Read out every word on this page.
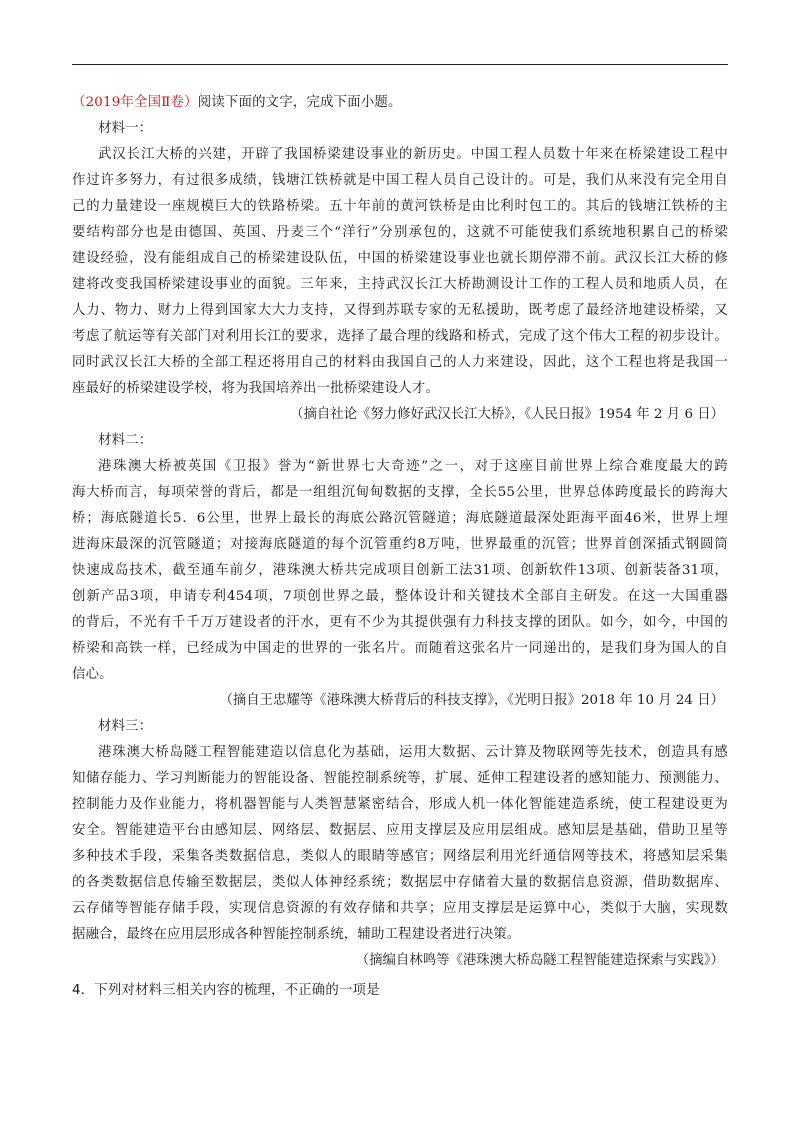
（2019年全国Ⅱ卷）阅读下面的文字，完成下面小题。
材料一：
武汉长江大桥的兴建，开辟了我国桥梁建设事业的新历史。中国工程人员数十年来在桥梁建设工程中
作过许多努力，有过很多成绩，钱塘江铁桥就是中国工程人员自己设计的。可是，我们从来没有完全用自
己的力量建设一座规模巨大的铁路桥梁。五十年前的黄河铁桥是由比利时包工的。其后的钱塘江铁桥的主
要结构部分也是由德国、英国、丹麦三个“洋行”分别承包的，这就不可能使我们系统地积累自己的桥梁
建设经验，没有能组成自己的桥梁建设队伍，中国的桥梁建设事业也就长期停滞不前。武汉长江大桥的修
建将改变我国桥梁建设事业的面貌。三年来，主持武汉长江大桥勘测设计工作的工程人员和地质人员，在
人力、物力、财力上得到国家大大力支持，又得到苏联专家的无私援助，既考虑了最经济地建设桥梁，又
考虑了航运等有关部门对利用长江的要求，选择了最合理的线路和桥式，完成了这个伟大工程的初步设计。
同时武汉长江大桥的全部工程还将用自己的材料由我国自己的人力来建设，因此，这个工程也将是我国一
座最好的桥梁建设学校，将为我国培养出一批桥梁建设人才。
（摘自社论《努力修好武汉长江大桥》，《人民日报》1954 年 2 月 6 日）
材料二：
港珠澳大桥被英国《卫报》誉为“新世界七大奇迹”之一，对于这座目前世界上综合难度最大的跨
海大桥而言，每项荣誉的背后，都是一组组沉甸甸数据的支撑，全长55公里，世界总体跨度最长的跨海大
桥；海底隧道长5．6公里，世界上最长的海底公路沉管隧道；海底隧道最深处距海平面46米，世界上埋
进海床最深的沉管隧道；对接海底隧道的每个沉管重约8万吨，世界最重的沉管；世界首创深插式钢圆筒
快速成岛技术，截至通车前夕，港珠澳大桥共完成项目创新工法31项、创新软件13项、创新装备31项，
创新产品3项，申请专利454项，7项创世界之最，整体设计和关键技术全部自主研发。在这一大国重器
的背后，不光有千千万万建设者的汗水，更有不少为其提供强有力科技支撑的团队。如今，如今，中国的
桥梁和高铁一样，已经成为中国走的世界的一张名片。而随着这张名片一同递出的，是我们身为国人的自
信心。
（摘自王忠耀等《港珠澳大桥背后的科技支撑》，《光明日报》2018 年 10 月 24 日）
材料三：
港珠澳大桥岛隧工程智能建造以信息化为基础，运用大数据、云计算及物联网等先技术，创造具有感
知储存能力、学习判断能力的智能设备、智能控制系统等，扩展、延伸工程建设者的感知能力、预测能力、
控制能力及作业能力，将机器智能与人类智慧紧密结合，形成人机一体化智能建造系统，使工程建设更为
安全。智能建造平台由感知层、网络层、数据层、应用支撑层及应用层组成。感知层是基础，借助卫星等
多种技术手段，采集各类数据信息，类似人的眼睛等感官；网络层利用光纤通信网等技术，将感知层采集
的各类数据信息传输至数据层，类似人体神经系统；数据层中存储着大量的数据信息资源，借助数据库、
云存储等智能存储手段，实现信息资源的有效存储和共享；应用支撑层是运算中心，类似于大脑，实现数
据融合，最终在应用层形成各种智能控制系统，辅助工程建设者进行决策。
（摘编自林鸣等《港珠澳大桥岛隧工程智能建造探索与实践》）
4．下列对材料三相关内容的梳理，不正确的一项是
